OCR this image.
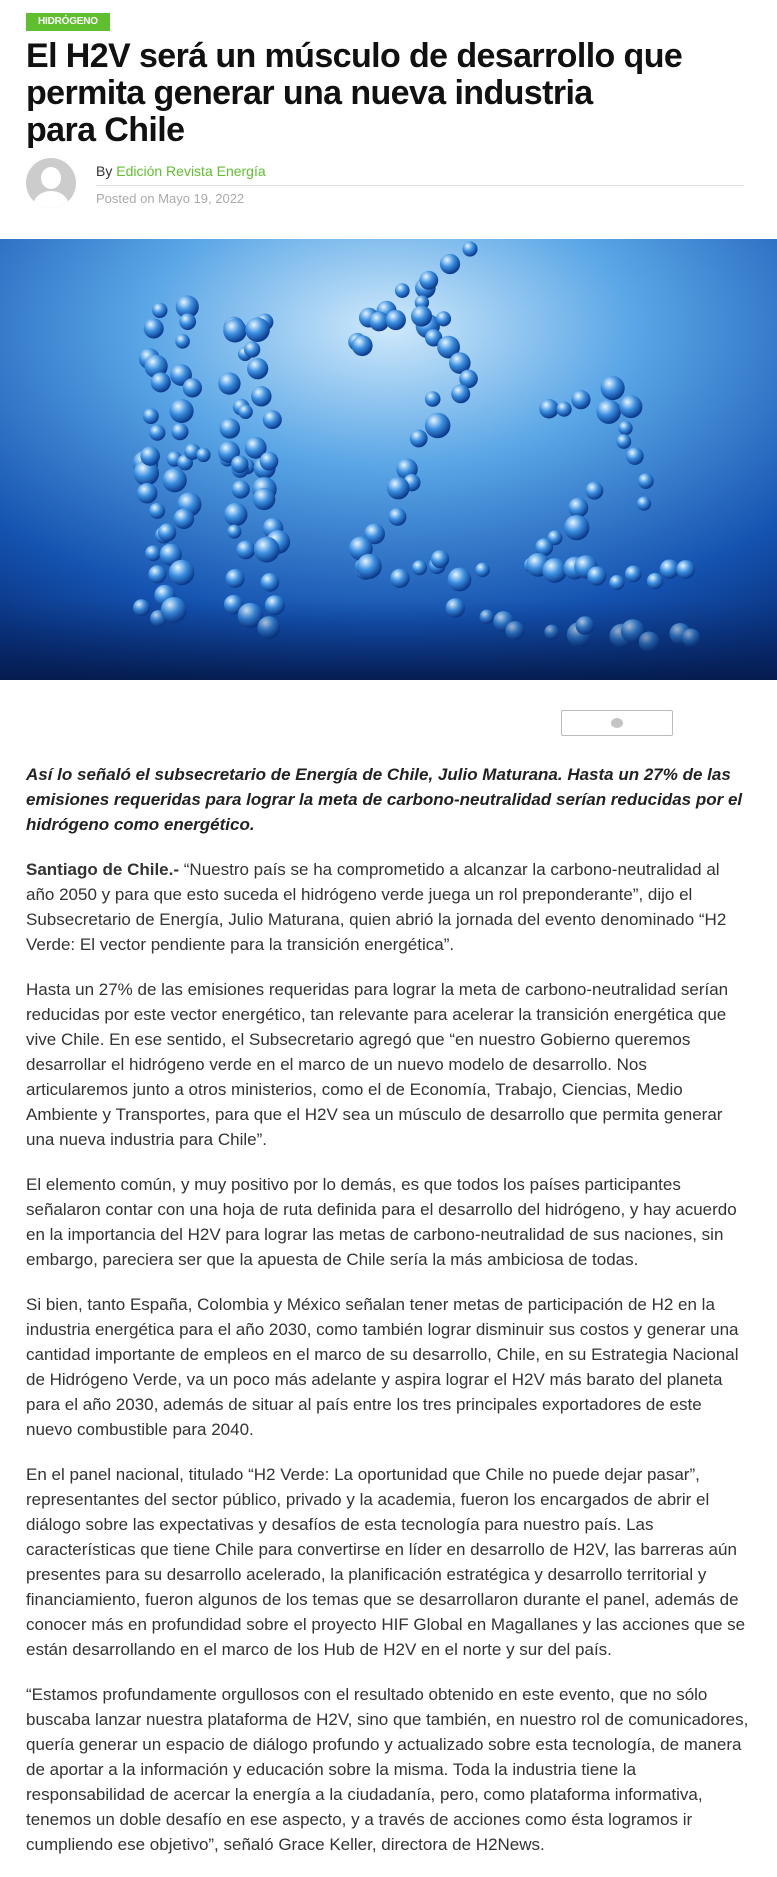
HIDRÓGENO
El H2V será un músculo de desarrollo que
permita generar una nueva industria
para Chile
By Edición Revista Energía
Posted on Mayo 19, 2022
f	▾	℗	✉

Así lo señaló el subsecretario de Energía de Chile, Julio Maturana. Hasta un 27% de las emisiones requeridas para lograr la meta de carbono-neutralidad serían reducidas por el hidrógeno como energético.

Santiago de Chile.- “Nuestro país se ha comprometido a alcanzar la carbono-neutralidad al año 2050 y para que esto suceda el hidrógeno verde juega un rol preponderante”, dijo el Subsecretario de Energía, Julio Maturana, quien abrió la jornada del evento denominado “H2 Verde: El vector pendiente para la transición energética”.

Hasta un 27% de las emisiones requeridas para lograr la meta de carbono-neutralidad serían reducidas por este vector energético, tan relevante para acelerar la transición energética que vive Chile. En ese sentido, el Subsecretario agregó que “en nuestro Gobierno queremos desarrollar el hidrógeno verde en el marco de un nuevo modelo de desarrollo. Nos articularemos junto a otros ministerios, como el de Economía, Trabajo, Ciencias, Medio Ambiente y Transportes, para que el H2V sea un músculo de desarrollo que permita generar una nueva industria para Chile”.

El elemento común, y muy positivo por lo demás, es que todos los países participantes señalaron contar con una hoja de ruta definida para el desarrollo del hidrógeno, y hay acuerdo en la importancia del H2V para lograr las metas de carbono-neutralidad de sus naciones, sin embargo, pareciera ser que la apuesta de Chile sería la más ambiciosa de todas.

Si bien, tanto España, Colombia y México señalan tener metas de participación de H2 en la industria energética para el año 2030, como también lograr disminuir sus costos y generar una cantidad importante de empleos en el marco de su desarrollo, Chile, en su Estrategia Nacional de Hidrógeno Verde, va un poco más adelante y aspira lograr el H2V más barato del planeta para el año 2030, además de situar al país entre los tres principales exportadores de este nuevo combustible para 2040.

En el panel nacional, titulado “H2 Verde: La oportunidad que Chile no puede dejar pasar”, representantes del sector público, privado y la academia, fueron los encargados de abrir el diálogo sobre las expectativas y desafíos de esta tecnología para nuestro país. Las características que tiene Chile para convertirse en líder en desarrollo de H2V, las barreras aún presentes para su desarrollo acelerado, la planificación estratégica y desarrollo territorial y financiamiento, fueron algunos de los temas que se desarrollaron durante el panel, además de conocer más en profundidad sobre el proyecto HIF Global en Magallanes y las acciones que se están desarrollando en el marco de los Hub de H2V en el norte y sur del país.

“Estamos profundamente orgullosos con el resultado obtenido en este evento, que no sólo buscaba lanzar nuestra plataforma de H2V, sino que también, en nuestro rol de comunicadores, quería generar un espacio de diálogo profundo y actualizado sobre esta tecnología, de manera de aportar a la información y educación sobre la misma. Toda la industria tiene la responsabilidad de acercar la energía a la ciudadanía, pero, como plataforma informativa, tenemos un doble desafío en ese aspecto, y a través de acciones como ésta logramos ir cumpliendo ese objetivo”, señaló Grace Keller, directora de H2News.
